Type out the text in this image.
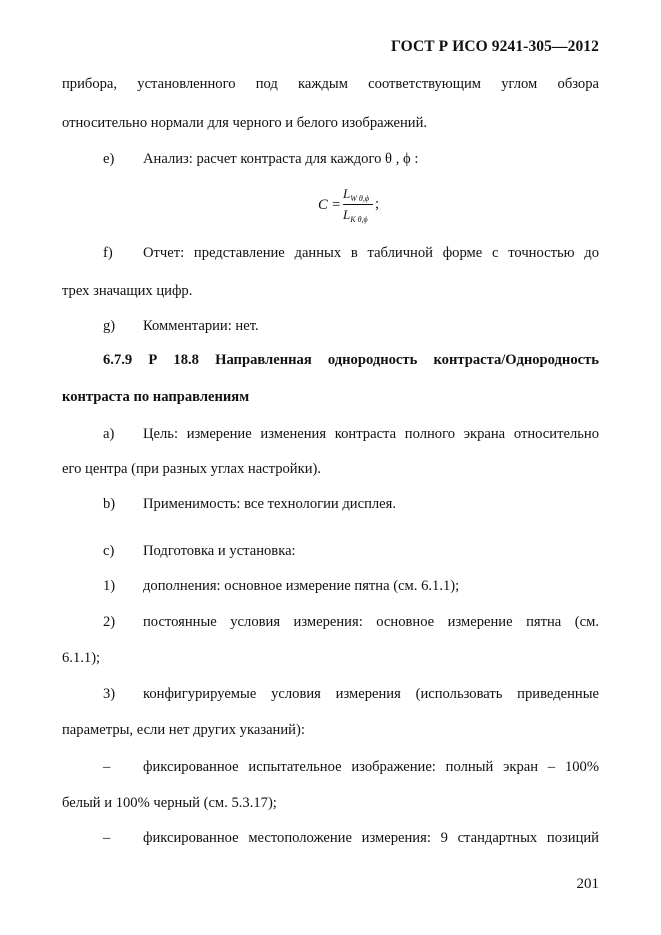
ГОСТ Р ИСО 9241-305—2012
прибора, установленного под каждым соответствующим углом обзора
относительно нормали для черного и белого изображений.
e) Анализ: расчет контраста для каждого θ , ϕ :
C =
$L_{W \theta,\phi}$
$L_{K \theta,\phi}$
;
f) Отчет: представление данных в табличной форме с точностью до
трех значащих цифр.
g) Комментарии: нет.
6.7.9 Р 18.8 Направленная однородность контраста/Однородность
контраста по направлениям
a) Цель: измерение изменения контраста полного экрана относительно
его центра (при разных углах настройки).
b) Применимость: все технологии дисплея.
c) Подготовка и установка:
1) дополнения: основное измерение пятна (см. 6.1.1);
2) постоянные условия измерения: основное измерение пятна (см.
6.1.1);
3) конфигурируемые условия измерения (использовать приведенные
параметры, если нет других указаний):
– фиксированное испытательное изображение: полный экран – 100%
белый и 100% черный (см. 5.3.17);
– фиксированное местоположение измерения: 9 стандартных позиций
201
